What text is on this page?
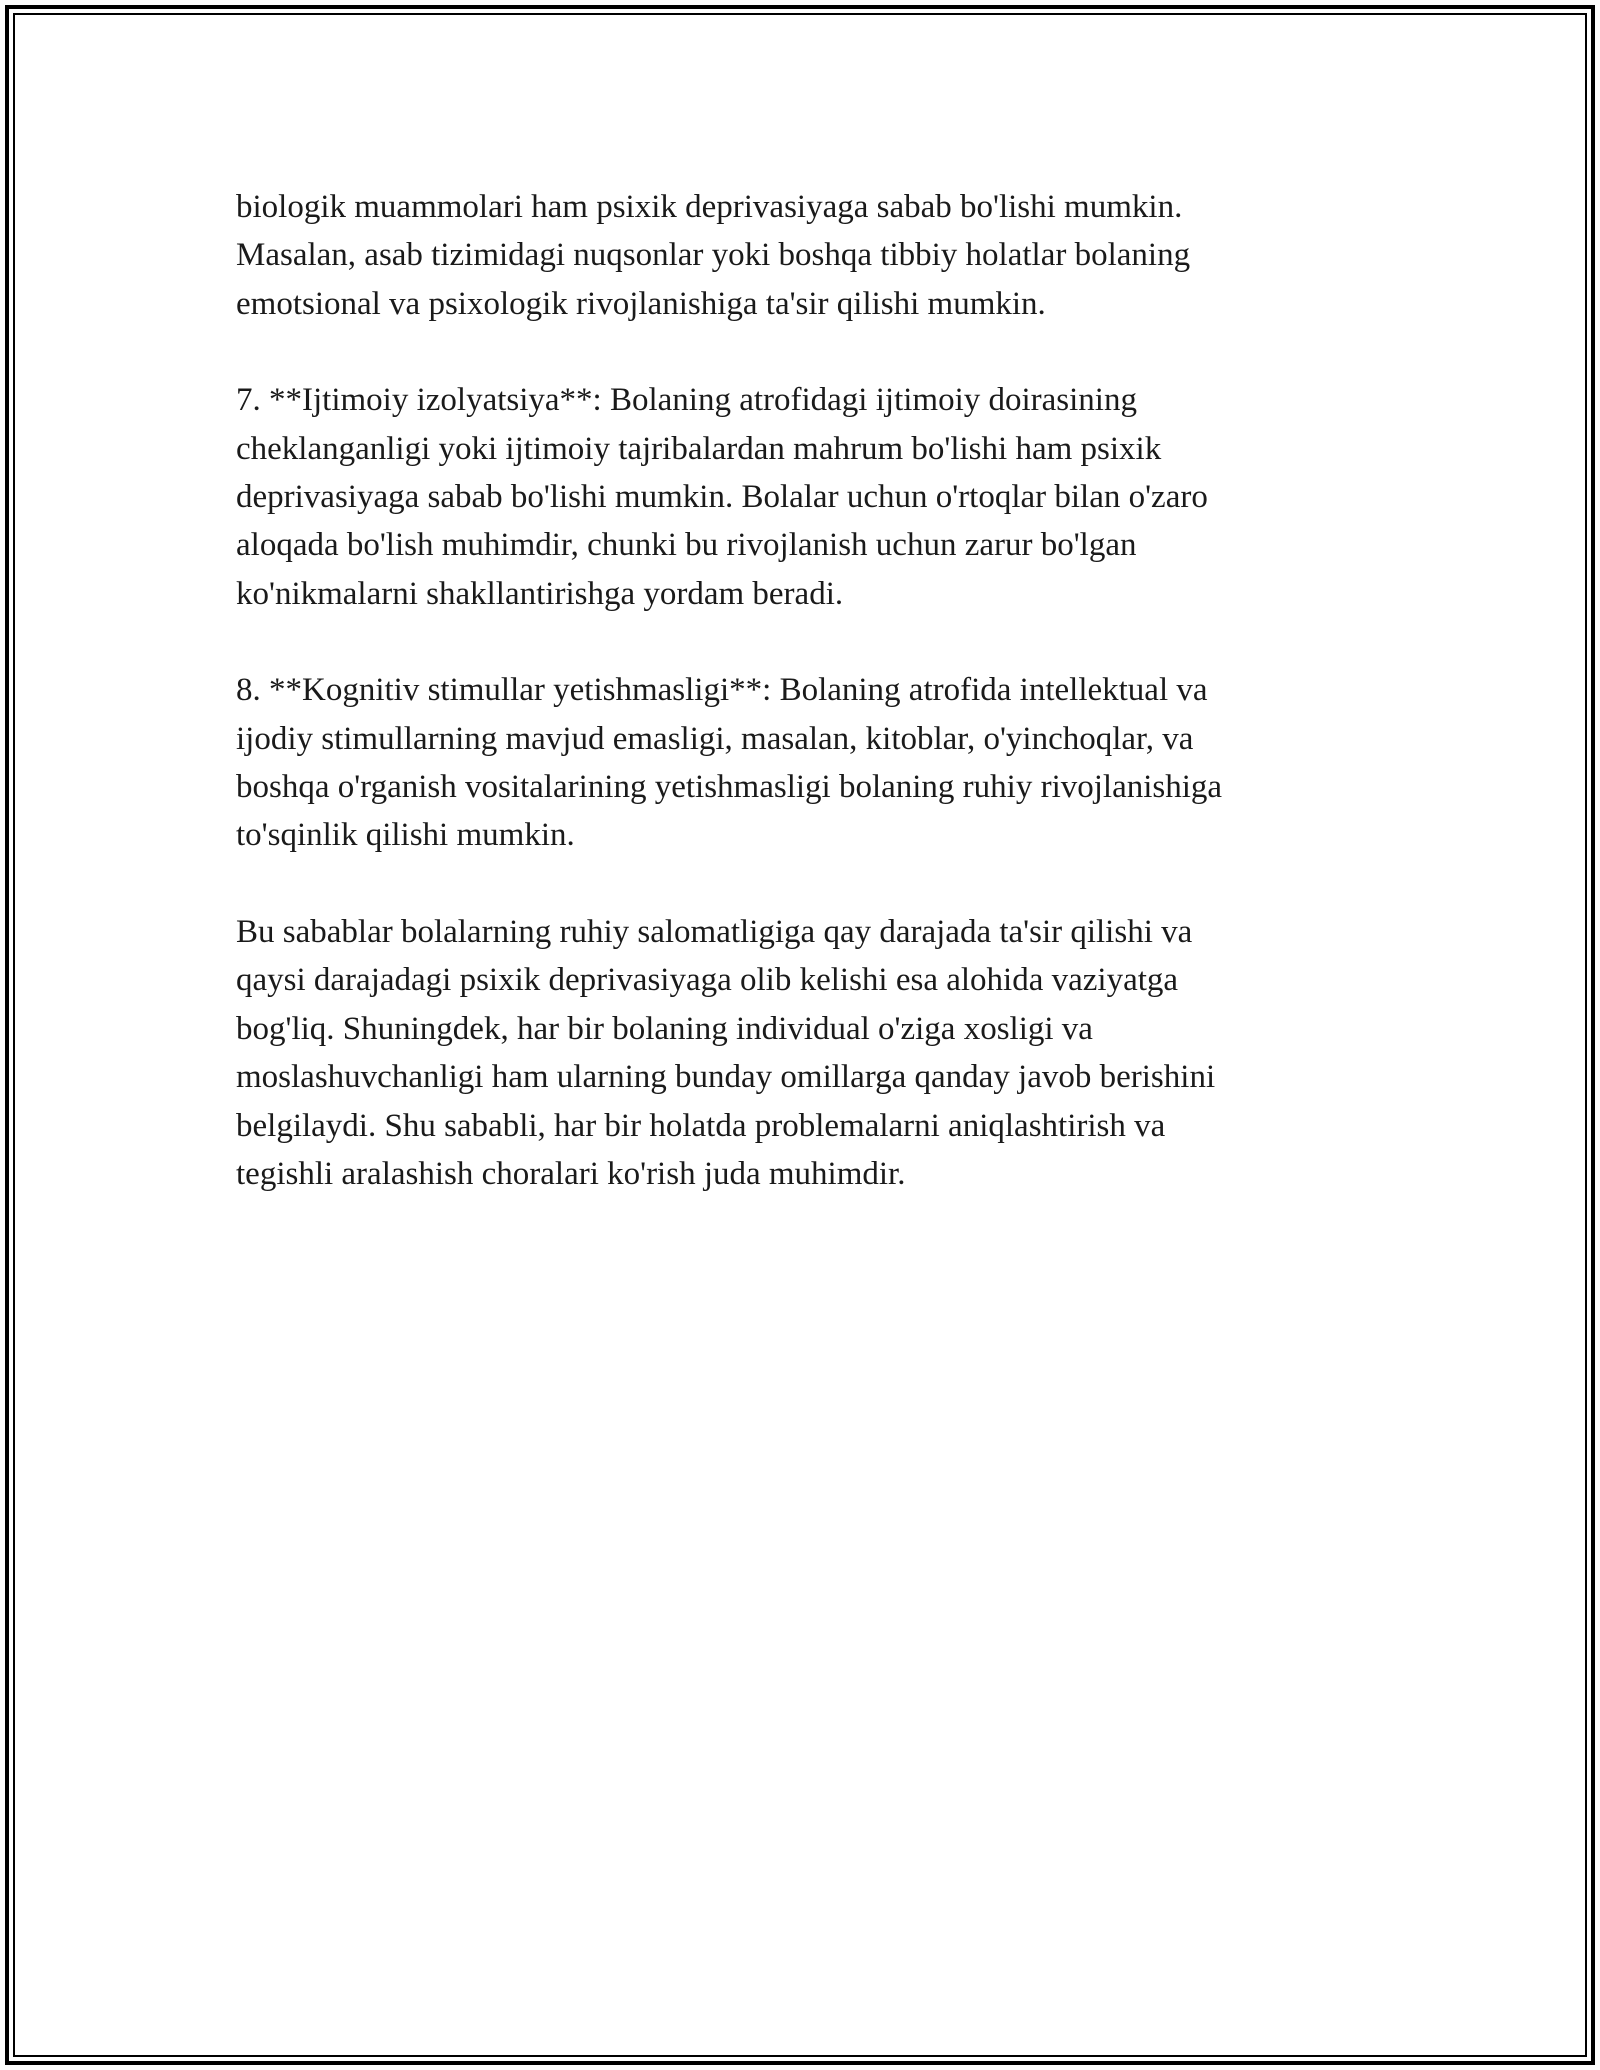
biologik muammolari ham psixik deprivasiyaga sabab bo'lishi mumkin.
Masalan, asab tizimidagi nuqsonlar yoki boshqa tibbiy holatlar bolaning
emotsional va psixologik rivojlanishiga ta'sir qilishi mumkin.

7. **Ijtimoiy izolyatsiya**: Bolaning atrofidagi ijtimoiy doirasining
cheklanganligi yoki ijtimoiy tajribalardan mahrum bo'lishi ham psixik
deprivasiyaga sabab bo'lishi mumkin. Bolalar uchun o'rtoqlar bilan o'zaro
aloqada bo'lish muhimdir, chunki bu rivojlanish uchun zarur bo'lgan
ko'nikmalarni shakllantirishga yordam beradi.

8. **Kognitiv stimullar yetishmasligi**: Bolaning atrofida intellektual va
ijodiy stimullarning mavjud emasligi, masalan, kitoblar, o'yinchoqlar, va
boshqa o'rganish vositalarining yetishmasligi bolaning ruhiy rivojlanishiga
to'sqinlik qilishi mumkin.

Bu sabablar bolalarning ruhiy salomatligiga qay darajada ta'sir qilishi va
qaysi darajadagi psixik deprivasiyaga olib kelishi esa alohida vaziyatga
bog'liq. Shuningdek, har bir bolaning individual o'ziga xosligi va
moslashuvchanligi ham ularning bunday omillarga qanday javob berishini
belgilaydi. Shu sababli, har bir holatda problemalarni aniqlashtirish va
tegishli aralashish choralari ko'rish juda muhimdir.
